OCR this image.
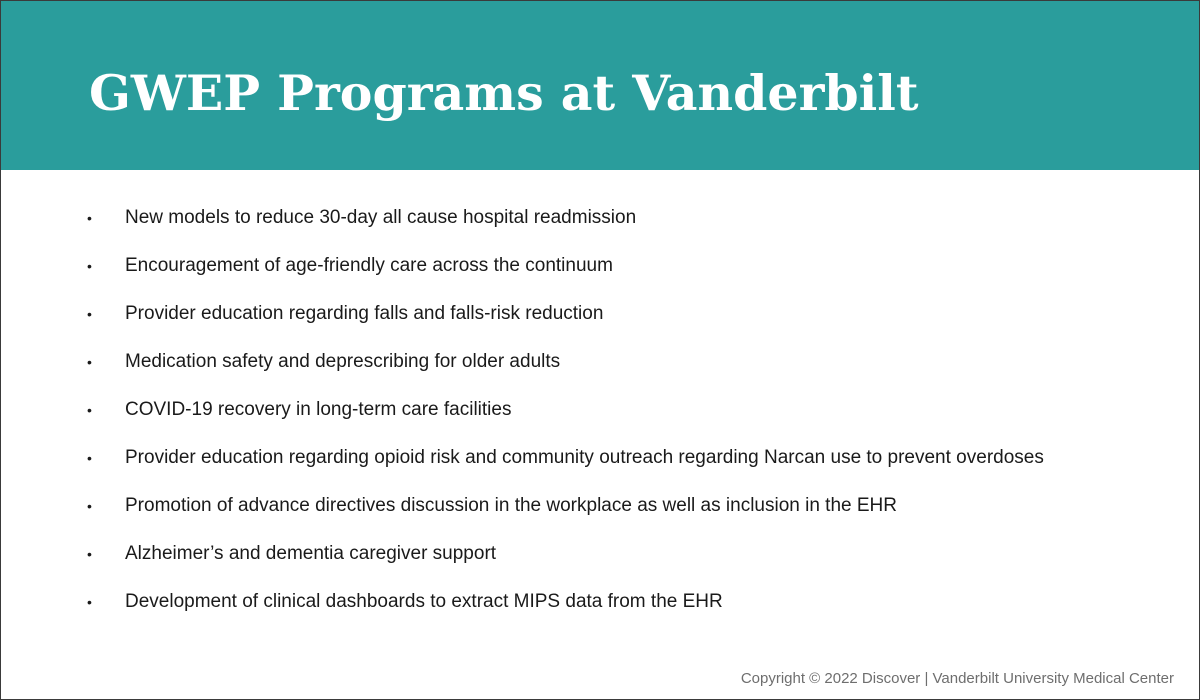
GWEP Programs at Vanderbilt
• New models to reduce 30-day all cause hospital readmission
• Encouragement of age-friendly care across the continuum
• Provider education regarding falls and falls-risk reduction
• Medication safety and deprescribing for older adults
• COVID-19 recovery in long-term care facilities
• Provider education regarding opioid risk and community outreach regarding Narcan use to prevent overdoses
• Promotion of advance directives discussion in the workplace as well as inclusion in the EHR
• Alzheimer’s and dementia caregiver support
• Development of clinical dashboards to extract MIPS data from the EHR
Copyright © 2022 Discover | Vanderbilt University Medical Center
